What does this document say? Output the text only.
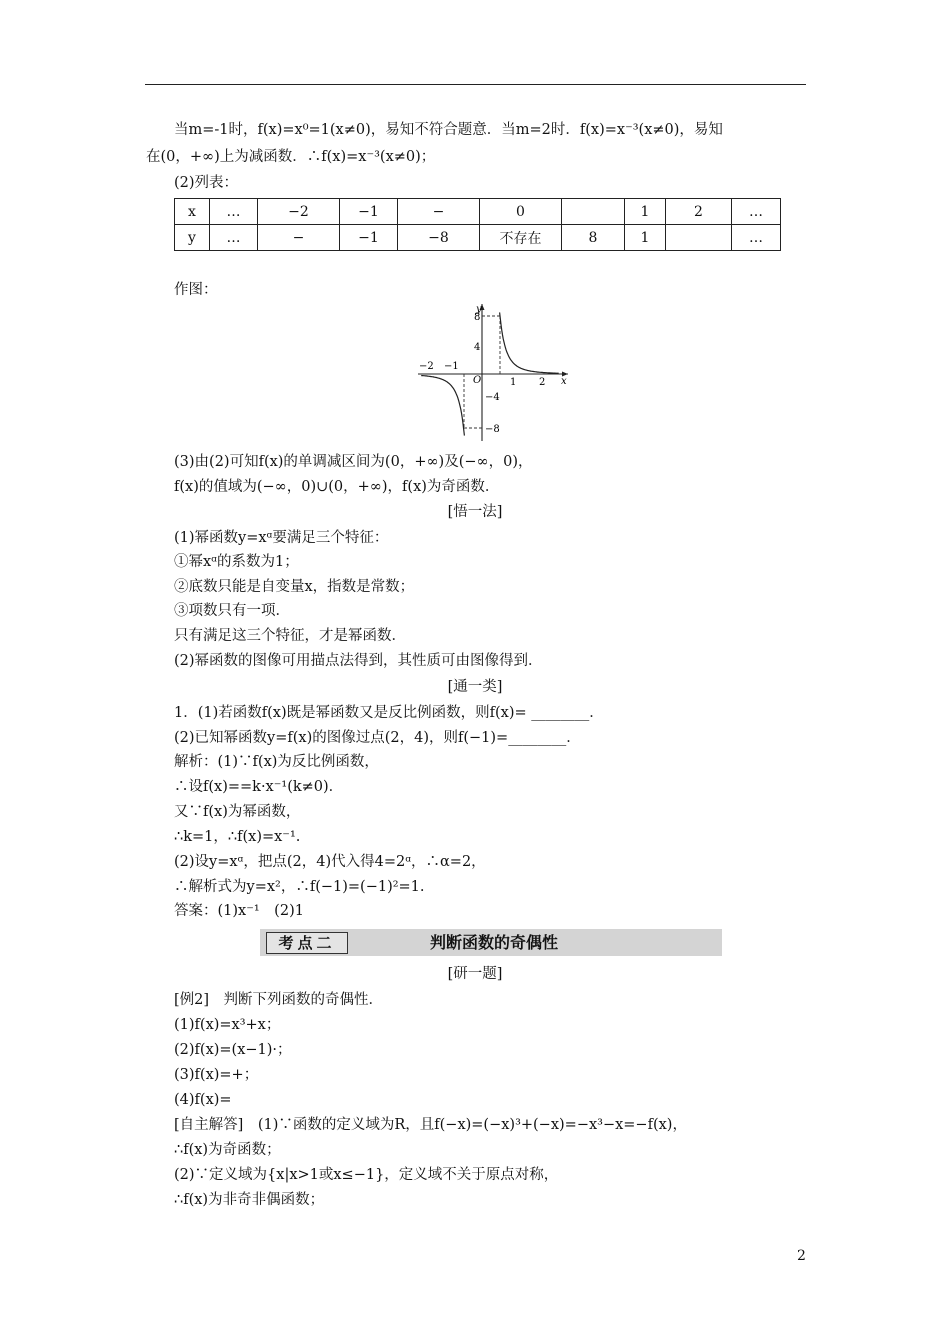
当m=-1时，f(x)=x⁰=1(x≠0)，易知不符合题意．当m=2时．f(x)=x⁻³(x≠0)，易知
在(0，+∞)上为减函数．∴f(x)=x⁻³(x≠0)；
(2)列表：
x	…	−2	−1	−	0		1	2	…
y	…	−	−1	−8	不存在	8	1		…
作图：
y
x
O
−2 −1
1 2
8
4
−4
−8
(3)由(2)可知f(x)的单调减区间为(0，+∞)及(−∞，0)，
f(x)的值域为(−∞，0)∪(0，+∞)，f(x)为奇函数．
[悟一法]
(1)幂函数y=xᵅ要满足三个特征：
①幂xᵅ的系数为1；
②底数只能是自变量x，指数是常数；
③项数只有一项．
只有满足这三个特征，才是幂函数．
(2)幂函数的图像可用描点法得到，其性质可由图像得到．
[通一类]
1．(1)若函数f(x)既是幂函数又是反比例函数，则f(x)= ________．
(2)已知幂函数y=f(x)的图像过点(2，4)，则f(−1)=________．
解析：(1)∵f(x)为反比例函数，
∴设f(x)==k·x⁻¹(k≠0)．
又∵f(x)为幂函数，
∴k=1，∴f(x)=x⁻¹.
(2)设y=xᵅ，把点(2，4)代入得4=2ᵅ，∴α=2，
∴解析式为y=x²，∴f(−1)=(−1)²=1.
答案：(1)x⁻¹　(2)1
考点二	判断函数的奇偶性
[研一题]
[例2]　判断下列函数的奇偶性．
(1)f(x)=x³+x；
(2)f(x)=(x−1)·；
(3)f(x)=+；
(4)f(x)=
[自主解答]　(1)∵函数的定义域为R，且f(−x)=(−x)³+(−x)=−x³−x=−f(x)，
∴f(x)为奇函数；
(2)∵定义域为{x|x>1或x≤−1}，定义域不关于原点对称，
∴f(x)为非奇非偶函数；
2
